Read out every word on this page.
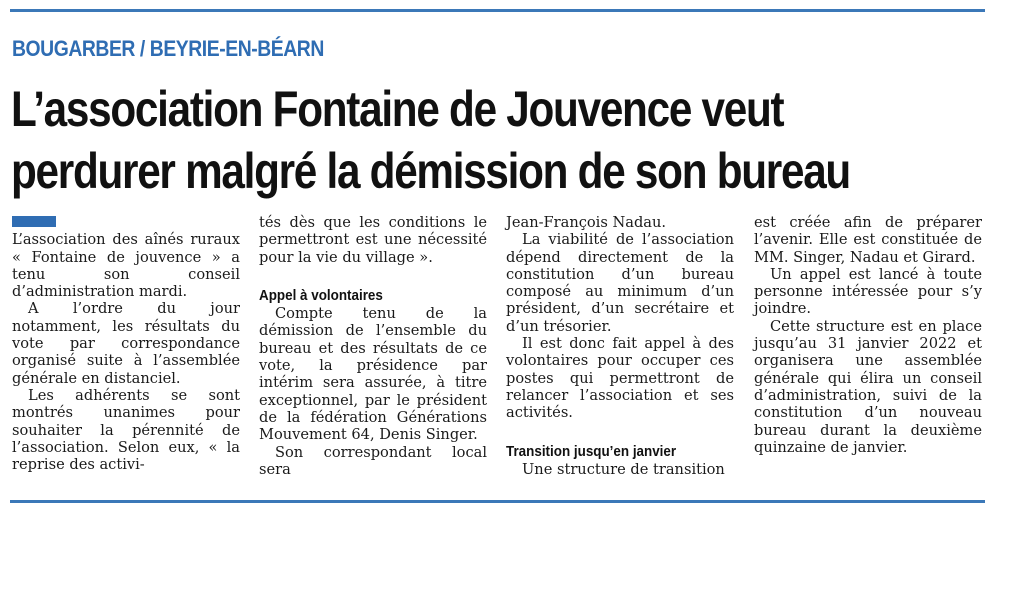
BOUGARBER / BEYRIE-EN-BÉARN
L’association Fontaine de Jouvence veut
perdurer malgré la démission de son bureau

L’association des aînés ruraux « Fontaine de jouvence » a tenu son conseil d’administration mardi.

A l’ordre du jour notamment, les résultats du vote par correspondance organisé suite à l’assemblée générale en distanciel.

Les adhérents se sont montrés unanimes pour souhaiter la pérennité de l’association. Selon eux, « la reprise des activi-

tés dès que les conditions le permettront est une nécessité pour la vie du village ».

Appel à volontaires

Compte tenu de la démission de l’ensemble du bureau et des résultats de ce vote, la présidence par intérim sera assurée, à titre exceptionnel, par le président de la fédération Générations Mouvement 64, Denis Singer.

Son correspondant local sera

Jean-François Nadau.

La viabilité de l’association dépend directement de la constitution d’un bureau composé au minimum d’un président, d’un secrétaire et d’un trésorier.

Il est donc fait appel à des volontaires pour occuper ces postes qui permettront de relancer l’association et ses activités.

Transition jusqu’en janvier

Une structure de transition

est créée afin de préparer l’avenir. Elle est constituée de MM. Singer, Nadau et Girard.

Un appel est lancé à toute personne intéressée pour s’y joindre.

Cette structure est en place jusqu’au 31 janvier 2022 et organisera une assemblée générale qui élira un conseil d’administration, suivi de la constitution d’un nouveau bureau durant la deuxième quinzaine de janvier.
